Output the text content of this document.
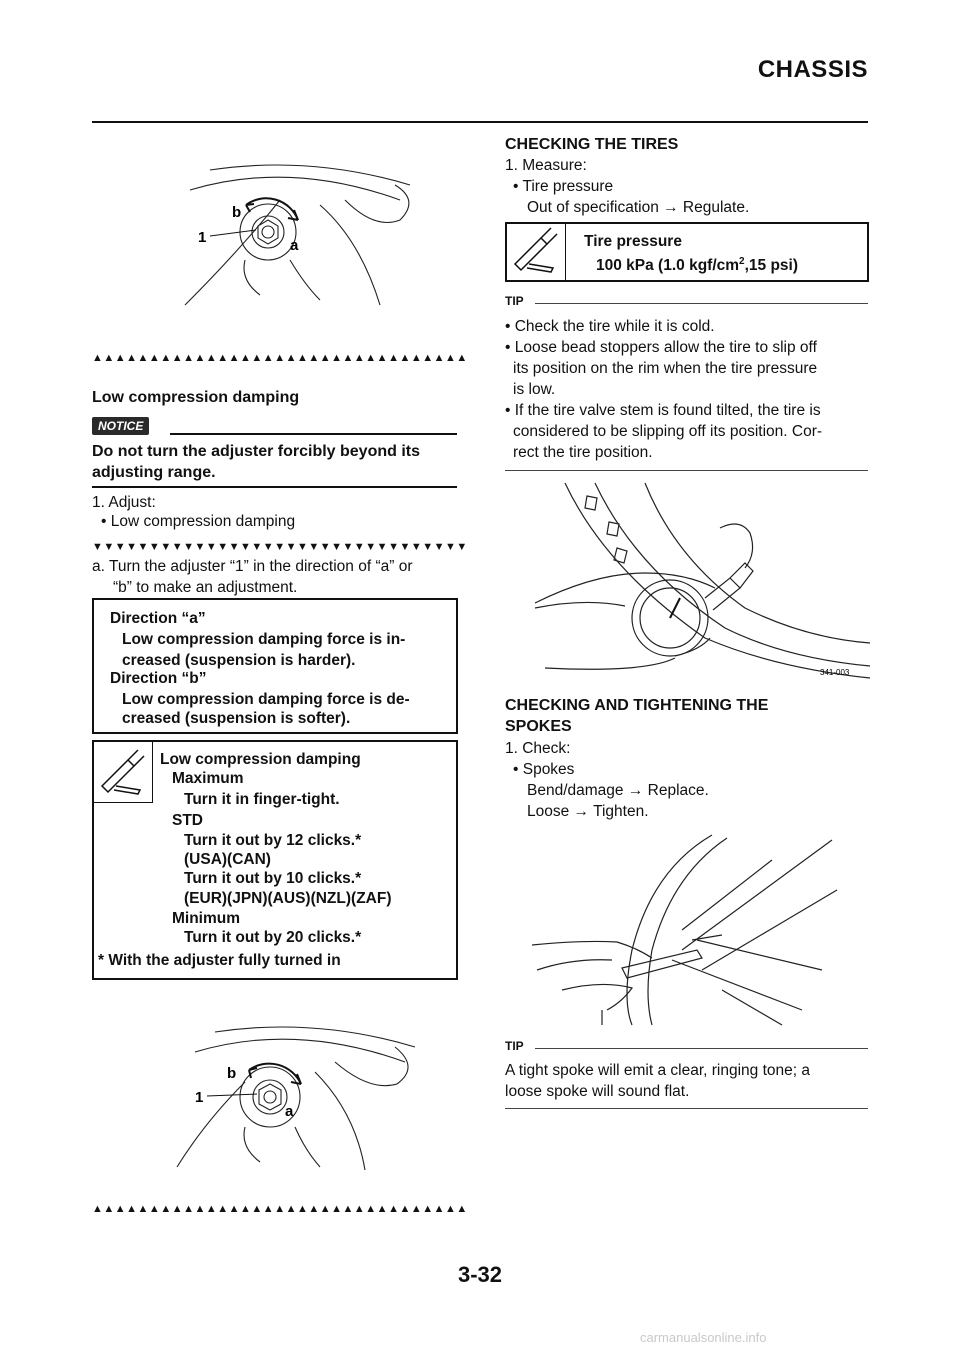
CHASSIS
b
1	a
▲▲▲▲▲▲▲▲▲▲▲▲▲▲▲▲▲▲▲▲▲▲▲▲▲▲▲▲▲▲▲▲▲
Low compression damping
NOTICE
Do not turn the adjuster forcibly beyond its
adjusting range.
1. Adjust:
• Low compression damping
▼▼▼▼▼▼▼▼▼▼▼▼▼▼▼▼▼▼▼▼▼▼▼▼▼▼▼▼▼▼▼▼▼
a. Turn the adjuster “1” in the direction of “a” or
“b” to make an adjustment.
Direction “a”
Low compression damping force is in-
creased (suspension is harder).
Direction “b”
Low compression damping force is de-
creased (suspension is softer).
Low compression damping
Maximum
Turn it in finger-tight.
STD
Turn it out by 12 clicks.*
(USA)(CAN)
Turn it out by 10 clicks.*
(EUR)(JPN)(AUS)(NZL)(ZAF)
Minimum
Turn it out by 20 clicks.*
* With the adjuster fully turned in
b
1
a
▲▲▲▲▲▲▲▲▲▲▲▲▲▲▲▲▲▲▲▲▲▲▲▲▲▲▲▲▲▲▲▲▲
CHECKING THE TIRES
1. Measure:
• Tire pressure
Out of specification → Regulate.
Tire pressure
100 kPa (1.0 kgf/$cm^2,15$ psi)
TIP
• Check the tire while it is cold.
• Loose bead stoppers allow the tire to slip off
its position on the rim when the tire pressure
is low.
• If the tire valve stem is found tilted, the tire is
considered to be slipping off its position. Cor-
rect the tire position.
341-003
CHECKING AND TIGHTENING THE
SPOKES
1. Check:
• Spokes
Bend/damage → Replace.
Loose → Tighten.
TIP
A tight spoke will emit a clear, ringing tone; a
loose spoke will sound flat.
3-32
carmanualsonline.info
